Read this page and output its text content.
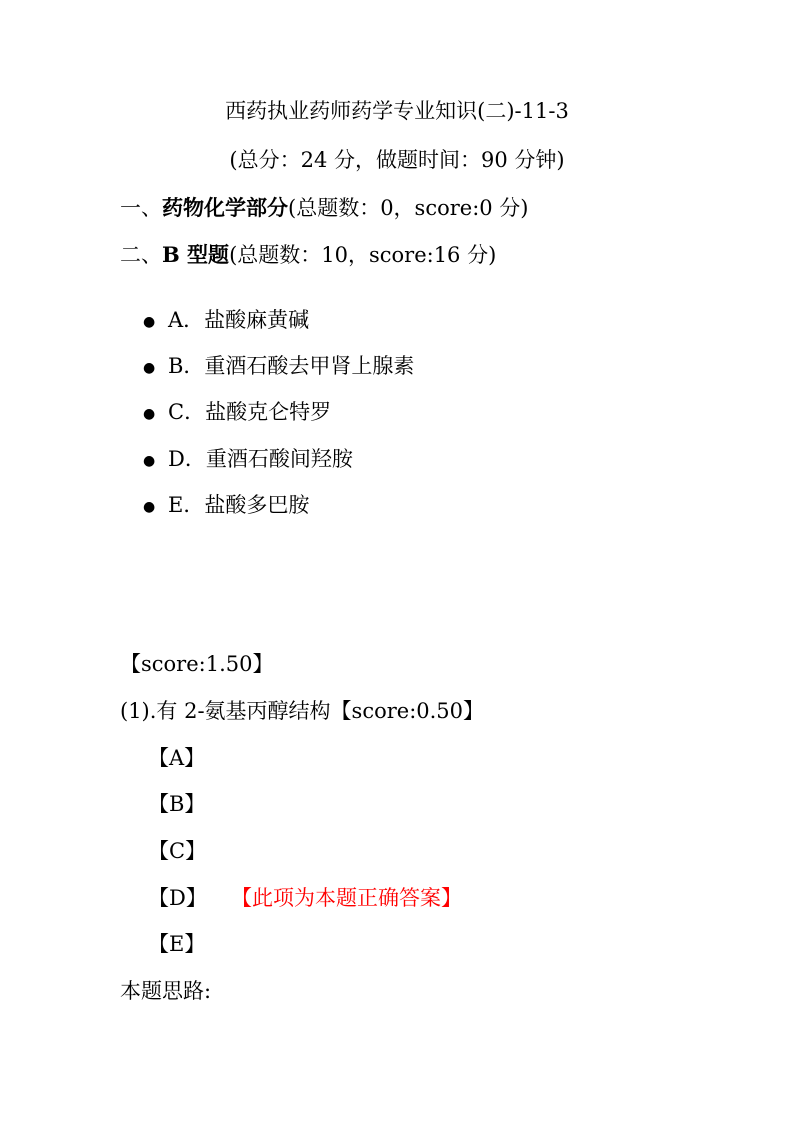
西药执业药师药学专业知识(二)-11-3
(总分：24 分，做题时间：90 分钟)
一、药物化学部分(总题数：0，score:0 分)
二、B 型题(总题数：10，score:16 分)
● A．盐酸麻黄碱
● B．重酒石酸去甲肾上腺素
● C．盐酸克仑特罗
● D．重酒石酸间羟胺
● E．盐酸多巴胺
【score:1.50】
(1).有 2-氨基丙醇结构【score:0.50】
【A】
【B】
【C】
【D】 【此项为本题正确答案】
【E】
本题思路:
